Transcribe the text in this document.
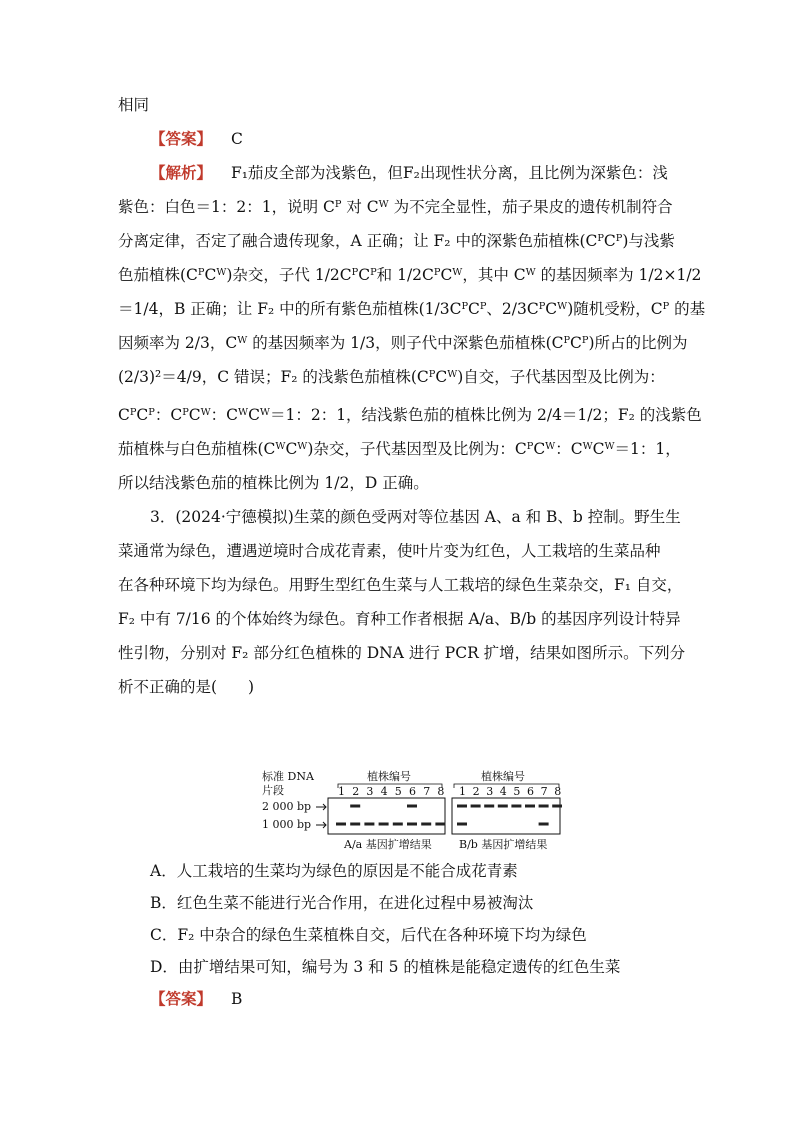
相同
【答案】 C
【解析】 F₁茄皮全部为浅紫色，但F₂出现性状分离，且比例为深紫色：浅
紫色：白色＝1：2：1，说明 Cᴾ 对 Cᵂ 为不完全显性，茄子果皮的遗传机制符合
分离定律，否定了融合遗传现象，A 正确；让 F₂ 中的深紫色茄植株(CᴾCᴾ)与浅紫
色茄植株(CᴾCᵂ)杂交，子代 1/2CᴾCᴾ和 1/2CᴾCᵂ，其中 Cᵂ 的基因频率为 1/2×1/2
＝1/4，B 正确；让 F₂ 中的所有紫色茄植株(1/3CᴾCᴾ、2/3CᴾCᵂ)随机受粉，Cᴾ 的基
因频率为 2/3，Cᵂ 的基因频率为 1/3，则子代中深紫色茄植株(CᴾCᴾ)所占的比例为
(2/3)²＝4/9，C 错误；F₂ 的浅紫色茄植株(CᴾCᵂ)自交，子代基因型及比例为：
CᴾCᴾ：CᴾCᵂ：CᵂCᵂ＝1：2：1，结浅紫色茄的植株比例为 2/4＝1/2；F₂ 的浅紫色
茄植株与白色茄植株(CᵂCᵂ)杂交，子代基因型及比例为：CᴾCᵂ：CᵂCᵂ＝1：1，
所以结浅紫色茄的植株比例为 1/2，D 正确。
3．(2024·宁德模拟)生菜的颜色受两对等位基因 A、a 和 B、b 控制。野生生
菜通常为绿色，遭遇逆境时合成花青素，使叶片变为红色，人工栽培的生菜品种
在各种环境下均为绿色。用野生型红色生菜与人工栽培的绿色生菜杂交，F₁ 自交，
F₂ 中有 7/16 的个体始终为绿色。育种工作者根据 A/a、B/b 的基因序列设计特异
性引物，分别对 F₂ 部分红色植株的 DNA 进行 PCR 扩增，结果如图所示。下列分
析不正确的是(　　)
标准 DNA
片段
2 000 bp
1 000 bp
植株编号	植株编号
1 2 3 4 5 6 7 8 1 2 3 4 5 6 7 8
A/a 基因扩增结果 B/b 基因扩增结果
A．人工栽培的生菜均为绿色的原因是不能合成花青素
B．红色生菜不能进行光合作用，在进化过程中易被淘汰
C．F₂ 中杂合的绿色生菜植株自交，后代在各种环境下均为绿色
D．由扩增结果可知，编号为 3 和 5 的植株是能稳定遗传的红色生菜
【答案】 B
